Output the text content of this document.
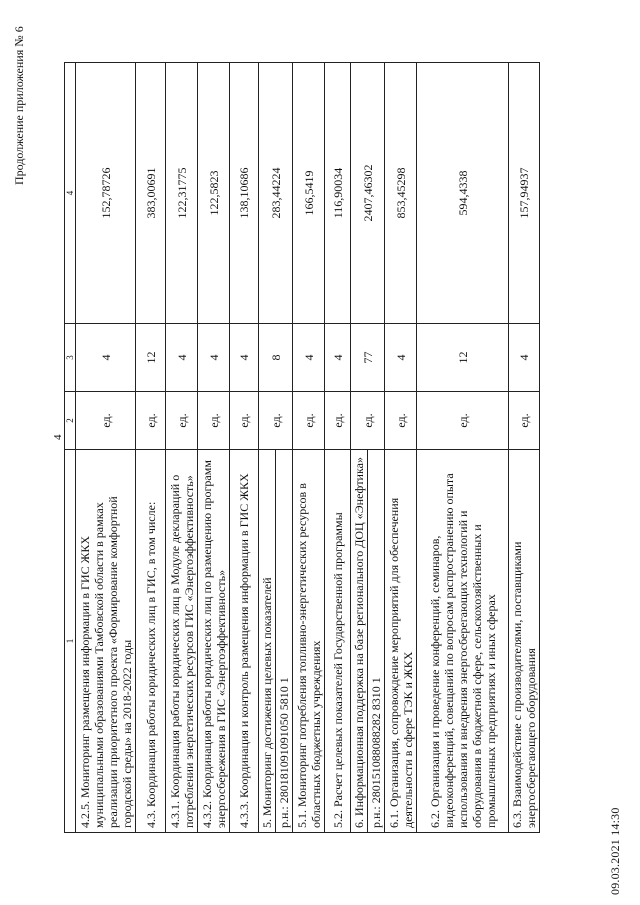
4
Продолжение приложения № 6
1	2	3	4
4.2.5. Мониторинг размещения информации в ГИС ЖКХ муниципальными образованиями Тамбовской области в рамках реализации приоритетного проекта «Формирование комфортной городской среды» на 2018-2022 годы	ед.	4	152,78726
4.3. Координация работы юридических лиц в ГИС, в том числе:	ед.	12	383,00691
4.3.1. Координация работы юридических лиц в Модуле деклараций о потреблении энергетических ресурсов ГИС «Энергоэффективность»	ед.	4	122,31775
4.3.2. Координация работы юридических лиц по размещению программ энергосбережения в ГИС «Энергоэффективность»	ед.	4	122,5823
4.3.3. Координация и контроль размещения информации в ГИС ЖКХ	ед.	4	138,10686
5. Мониторинг достижения целевых показателей	ед.	8	283,44224
р.н.: 280181091091050 5810 1			
5.1. Мониторинг потребления топливно-энергетических ресурсов в областных бюджетных учреждениях	ед.	4	166,5419
5.2. Расчет целевых показателей Государственной программы	ед.	4	116,90034
6. Информационная поддержка на базе регионального ДОЦ «Энефтика»	ед.	77	2407,46302
р.н.: 280151088088282 8310 1			
6.1. Организация, сопровождение мероприятий для обеспечения деятельности в сфере ТЭК и ЖКХ	ед.	4	853,45298
6.2. Организация и проведение конференций, семинаров, видеоконференций, совещаний по вопросам распространению опыта использования и внедрения энергосберегающих технологий и оборудования в бюджетной сфере, сельскохозяйственных и промышленных предприятиях и иных сферах	ед.	12	594,4338
6.3. Взаимодействие с производителями, поставщиками энергосберегающего оборудования	ед.	4	157,94937
09.03.2021 14:30
